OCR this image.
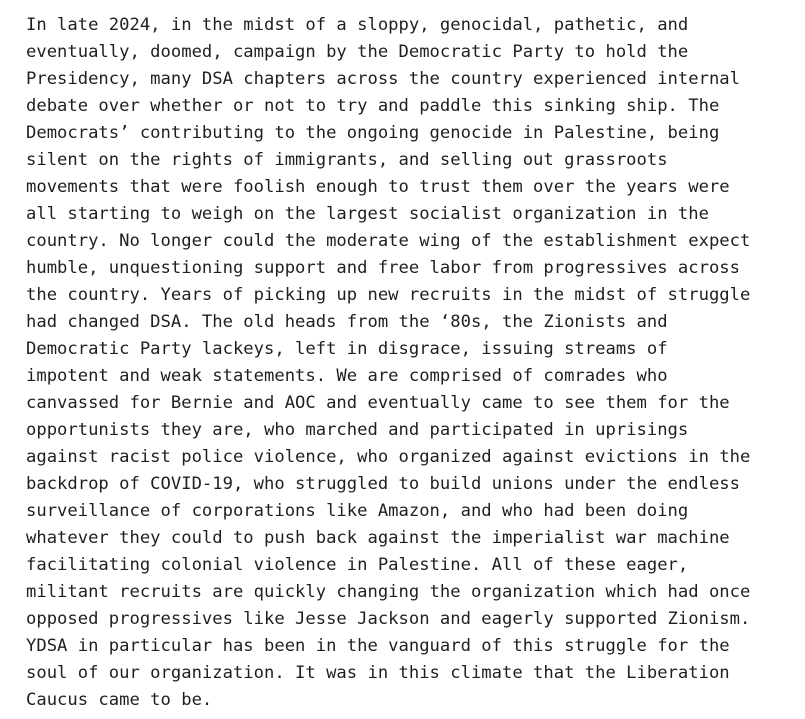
In late 2024, in the midst of a sloppy, genocidal, pathetic, and
eventually, doomed, campaign by the Democratic Party to hold the
Presidency, many DSA chapters across the country experienced internal
debate over whether or not to try and paddle this sinking ship. The
Democrats’ contributing to the ongoing genocide in Palestine, being
silent on the rights of immigrants, and selling out grassroots
movements that were foolish enough to trust them over the years were
all starting to weigh on the largest socialist organization in the
country. No longer could the moderate wing of the establishment expect
humble, unquestioning support and free labor from progressives across
the country. Years of picking up new recruits in the midst of struggle
had changed DSA. The old heads from the ‘80s, the Zionists and
Democratic Party lackeys, left in disgrace, issuing streams of
impotent and weak statements. We are comprised of comrades who
canvassed for Bernie and AOC and eventually came to see them for the
opportunists they are, who marched and participated in uprisings
against racist police violence, who organized against evictions in the
backdrop of COVID-19, who struggled to build unions under the endless
surveillance of corporations like Amazon, and who had been doing
whatever they could to push back against the imperialist war machine
facilitating colonial violence in Palestine. All of these eager,
militant recruits are quickly changing the organization which had once
opposed progressives like Jesse Jackson and eagerly supported Zionism.
YDSA in particular has been in the vanguard of this struggle for the
soul of our organization. It was in this climate that the Liberation
Caucus came to be.
